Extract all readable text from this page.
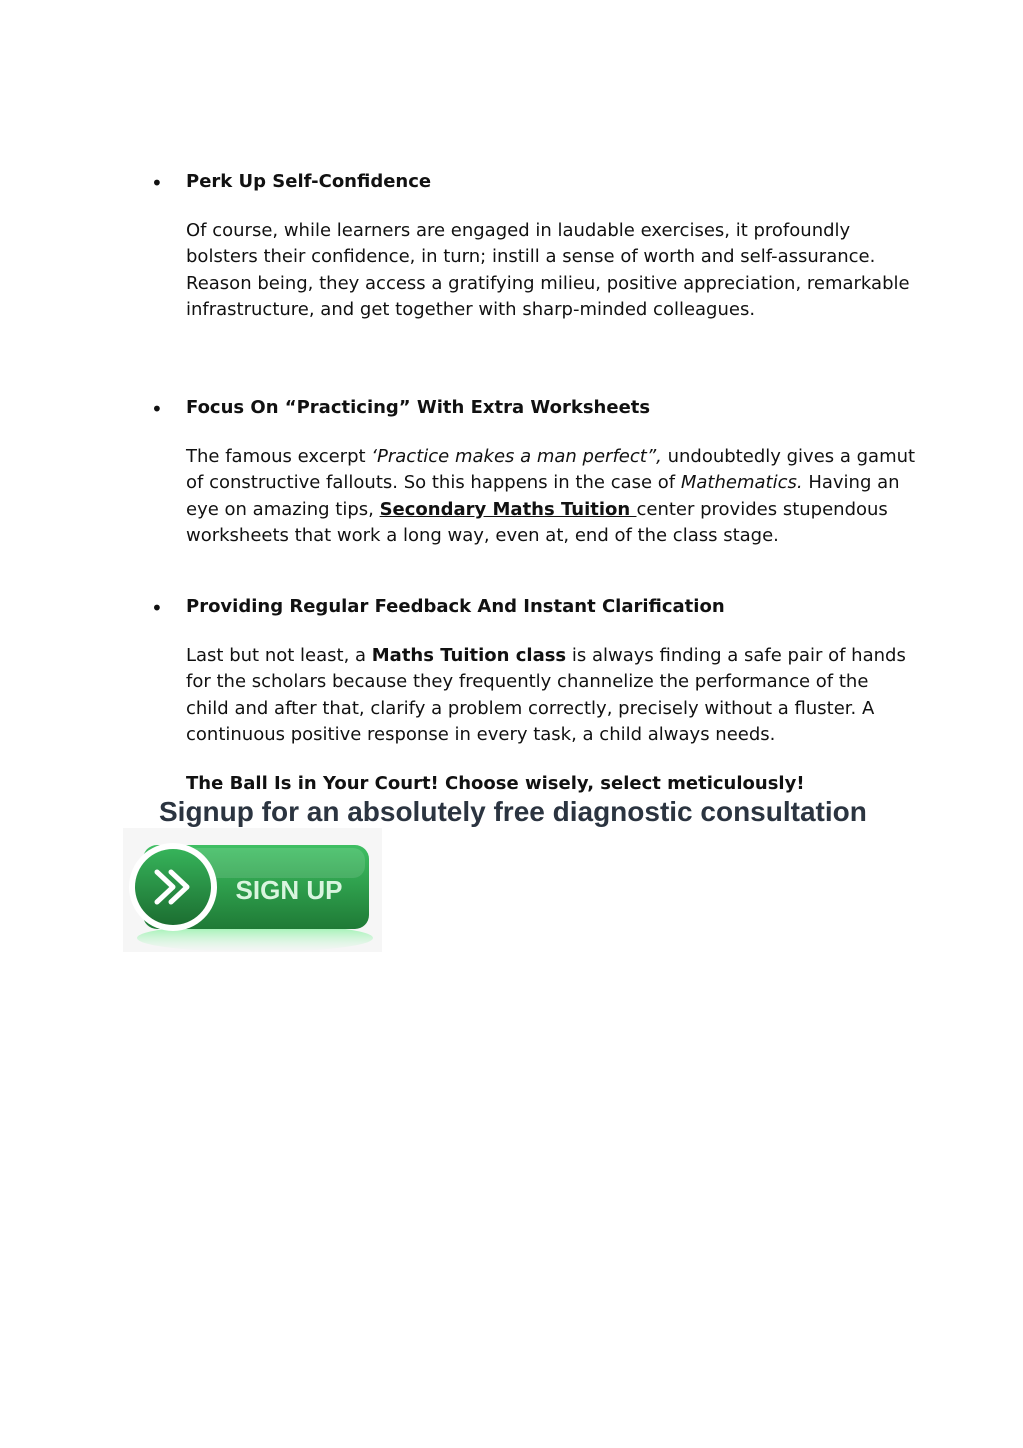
• Perk Up Self-Confidence
Of course, while learners are engaged in laudable exercises, it profoundly
bolsters their confidence, in turn; instill a sense of worth and self-assurance.
Reason being, they access a gratifying milieu, positive appreciation, remarkable
infrastructure, and get together with sharp-minded colleagues.
• Focus On “Practicing” With Extra Worksheets
The famous excerpt ‘Practice makes a man perfect”, undoubtedly gives a gamut
of constructive fallouts. So this happens in the case of Mathematics. Having an
eye on amazing tips, Secondary Maths Tuition center provides stupendous
worksheets that work a long way, even at, end of the class stage.
• Providing Regular Feedback And Instant Clarification
Last but not least, a Maths Tuition class is always finding a safe pair of hands
for the scholars because they frequently channelize the performance of the
child and after that, clarify a problem correctly, precisely without a fluster. A
continuous positive response in every task, a child always needs.
The Ball Is in Your Court! Choose wisely, select meticulously!
Signup for an absolutely free diagnostic consultation
SIGN UP
